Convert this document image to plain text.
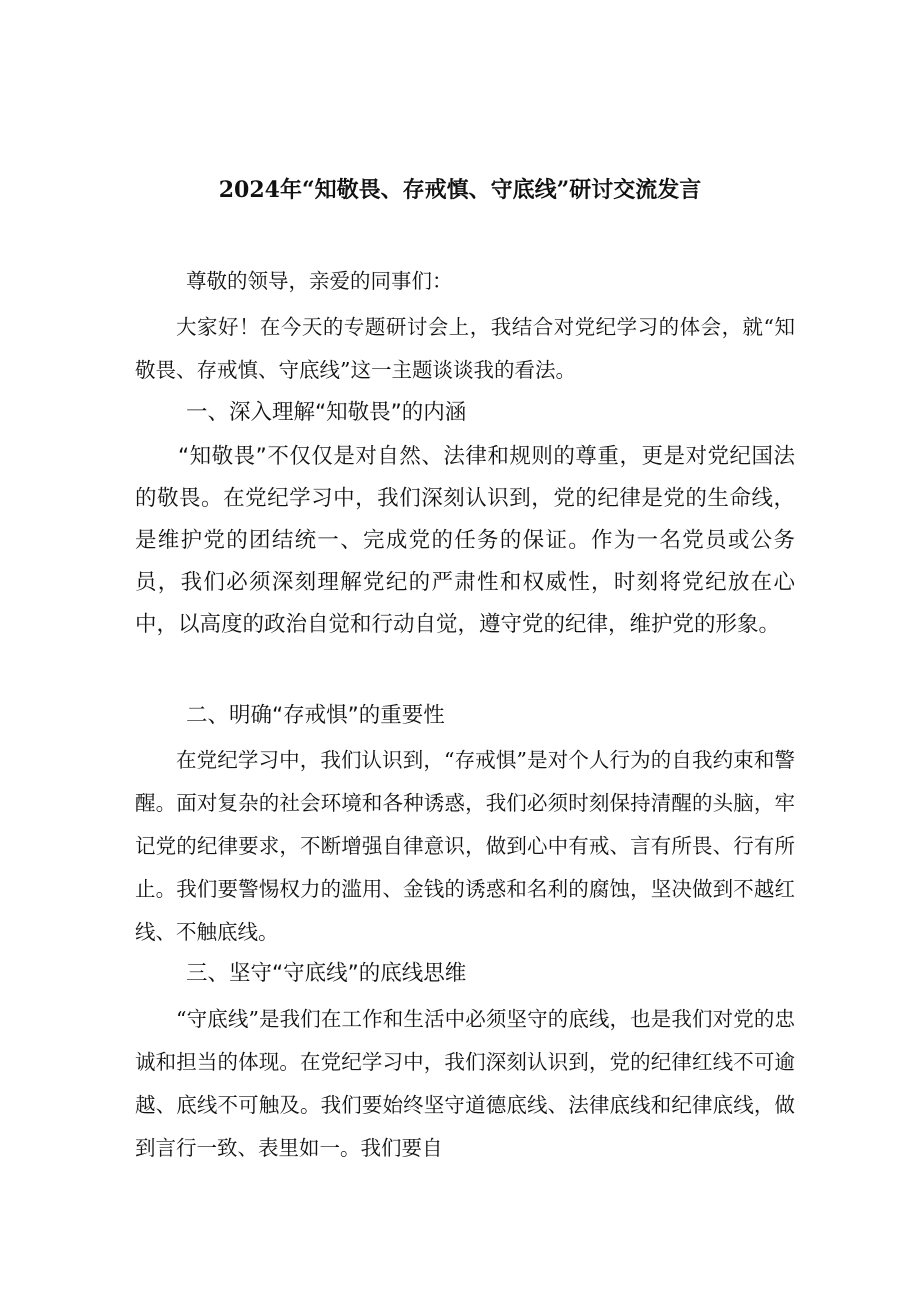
2024年“知敬畏、存戒慎、守底线”研讨交流发言
尊敬的领导，亲爱的同事们：
大家好！在今天的专题研讨会上，我结合对党纪学习的体会，就“知敬畏、存戒慎、守底线”这一主题谈谈我的看法。
一、深入理解“知敬畏”的内涵
“知敬畏”不仅仅是对自然、法律和规则的尊重，更是对党纪国法的敬畏。在党纪学习中，我们深刻认识到，党的纪律是党的生命线，是维护党的团结统一、完成党的任务的保证。作为一名党员或公务员，我们必须深刻理解党纪的严肃性和权威性，时刻将党纪放在心中，以高度的政治自觉和行动自觉，遵守党的纪律，维护党的形象。
二、明确“存戒惧”的重要性
在党纪学习中，我们认识到，“存戒惧”是对个人行为的自我约束和警醒。面对复杂的社会环境和各种诱惑，我们必须时刻保持清醒的头脑，牢记党的纪律要求，不断增强自律意识，做到心中有戒、言有所畏、行有所止。我们要警惕权力的滥用、金钱的诱惑和名利的腐蚀，坚决做到不越红线、不触底线。
三、坚守“守底线”的底线思维
“守底线”是我们在工作和生活中必须坚守的底线，也是我们对党的忠诚和担当的体现。在党纪学习中，我们深刻认识到，党的纪律红线不可逾越、底线不可触及。我们要始终坚守道德底线、法律底线和纪律底线，做到言行一致、表里如一。我们要自
